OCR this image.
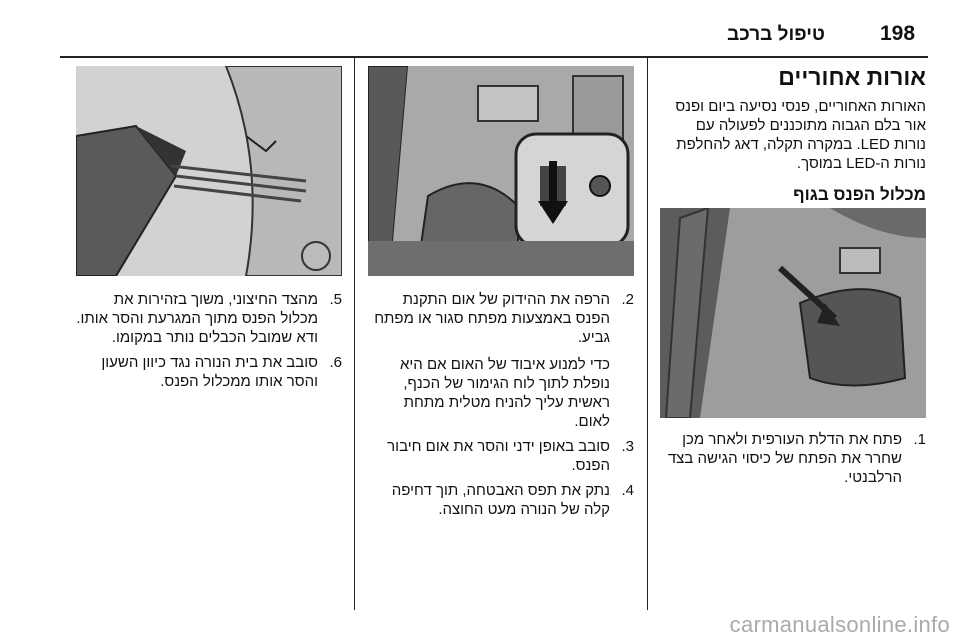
198
טיפול ברכב
אורות אחוריים

האורות האחוריים, פנסי נסיעה ביום ופנס אור בלם הגבוה מתוכננים לפעולה עם נורות LED. במקרה תקלה, דאג להחלפת נורות ה-LED במוסך.

מכלול הפנס בגוף
1.

פתח את הדלת העורפית ולאחר מכן שחרר את הפתח של כיסוי הגישה בצד הרלבנטי.

2.

הרפה את ההידוק של אום התקנת הפנס באמצעות מפתח סגור או מפתח גביע.

כדי למנוע איבוד של האום אם היא נופלת לתוך לוח הגימור של הכנף, ראשית עליך להניח מטלית מתחת לאום.

3.

סובב באופן ידני והסר את אום חיבור הפנס.

4.

נתק את תפס האבטחה, תוך דחיפה קלה של הנורה מעט החוצה.

5.

מהצד החיצוני, משוך בזהירות את מכלול הפנס מתוך המגרעת והסר אותו. ודא שמובל הכבלים נותר במקומו.

6.

סובב את בית הנורה נגד כיוון השעון והסר אותו ממכלול הפנס.

carmanualsonline.info
